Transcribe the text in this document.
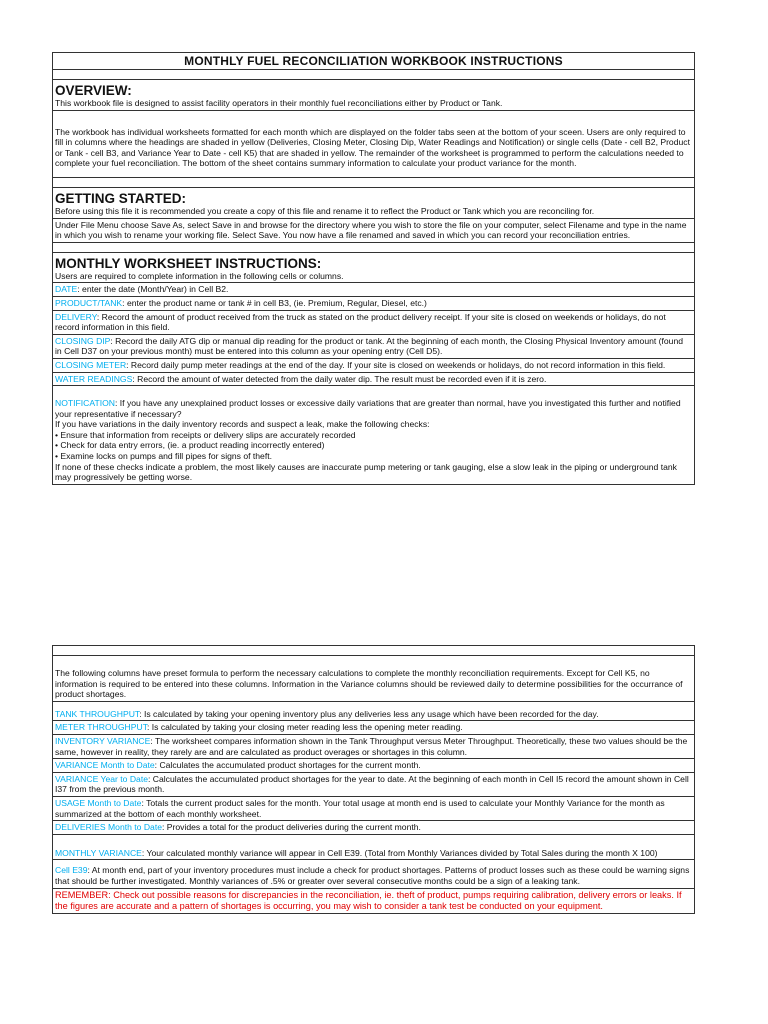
MONTHLY FUEL RECONCILIATION WORKBOOK INSTRUCTIONS
OVERVIEW:
This workbook file is designed to assist facility operators in their monthly fuel reconciliations either by Product or Tank.
The workbook has individual worksheets formatted for each month which are displayed on the folder tabs seen at the bottom of your sceen. Users are only required to fill in columns where the headings are shaded in yellow (Deliveries, Closing Meter, Closing Dip, Water Readings and Notification) or single cells (Date - cell B2, Product or Tank - cell B3, and Variance Year to Date - cell K5) that are shaded in yellow. The remainder of the worksheet is programmed to perform the calculations needed to complete your fuel reconciliation. The bottom of the sheet contains summary information to calculate your product variance for the month.
GETTING STARTED:
Before using this file it is recommended you create a copy of this file and rename it to reflect the Product or Tank which you are reconciling for.
Under File Menu choose Save As, select Save in and browse for the directory where you wish to store the file on your computer, select Filename and type in the name in which you wish to rename your working file. Select Save. You now have a file renamed and saved in which you can record your reconciliation entries.
MONTHLY WORKSHEET INSTRUCTIONS:
Users are required to complete information in the following cells or columns.
DATE: enter the date (Month/Year) in Cell B2.
PRODUCT/TANK: enter the product name or tank # in cell B3, (ie. Premium, Regular, Diesel, etc.)
DELIVERY: Record the amount of product received from the truck as stated on the product delivery receipt. If your site is closed on weekends or holidays, do not record information in this field.
CLOSING DIP: Record the daily ATG dip or manual dip reading for the product or tank. At the beginning of each month, the Closing Physical Inventory amount (found in Cell D37 on your previous month) must be entered into this column as your opening entry (Cell D5).
CLOSING METER: Record daily pump meter readings at the end of the day. If your site is closed on weekends or holidays, do not record information in this field.
WATER READINGS: Record the amount of water detected from the daily water dip. The result must be recorded even if it is zero.
NOTIFICATION: If you have any unexplained product losses or excessive daily variations that are greater than normal, have you investigated this further and notified your representative if necessary?
If you have variations in the daily inventory records and suspect a leak, make the following checks:
• Ensure that information from receipts or delivery slips are accurately recorded
• Check for data entry errors, (ie. a product reading incorrectly entered)
• Examine locks on pumps and fill pipes for signs of theft.
If none of these checks indicate a problem, the most likely causes are inaccurate pump metering or tank gauging, else a slow leak in the piping or underground tank may progressively be getting worse.
The following columns have preset formula to perform the necessary calculations to complete the monthly reconciliation requirements. Except for Cell K5, no information is required to be entered into these columns. Information in the Variance columns should be reviewed daily to determine possibilities for the occurrance of product shortages.
TANK THROUGHPUT: Is calculated by taking your opening inventory plus any deliveries less any usage which have been recorded for the day.
METER THROUGHPUT: Is calculated by taking your closing meter reading less the opening meter reading.
INVENTORY VARIANCE: The worksheet compares information shown in the Tank Throughput versus Meter Throughput. Theoretically, these two values should be the same, however in reality, they rarely are and are calculated as product overages or shortages in this column.
VARIANCE Month to Date: Calculates the accumulated product shortages for the current month.
VARIANCE Year to Date: Calculates the accumulated product shortages for the year to date. At the beginning of each month in Cell I5 record the amount shown in Cell I37 from the previous month.
USAGE Month to Date: Totals the current product sales for the month. Your total usage at month end is used to calculate your Monthly Variance for the month as summarized at the bottom of each monthly worksheet.
DELIVERIES Month to Date: Provides a total for the product deliveries during the current month.
MONTHLY VARIANCE: Your calculated monthly variance will appear in Cell E39. (Total from Monthly Variances divided by Total Sales during the month X 100)
Cell E39: At month end, part of your inventory procedures must include a check for product shortages. Patterns of product losses such as these could be warning signs that should be further investigated. Monthly variances of .5% or greater over several consecutive months could be a sign of a leaking tank.
REMEMBER: Check out possible reasons for discrepancies in the reconciliation, ie. theft of product, pumps requiring calibration, delivery errors or leaks. If the figures are accurate and a pattern of shortages is occurring, you may wish to consider a tank test be conducted on your equipment.
